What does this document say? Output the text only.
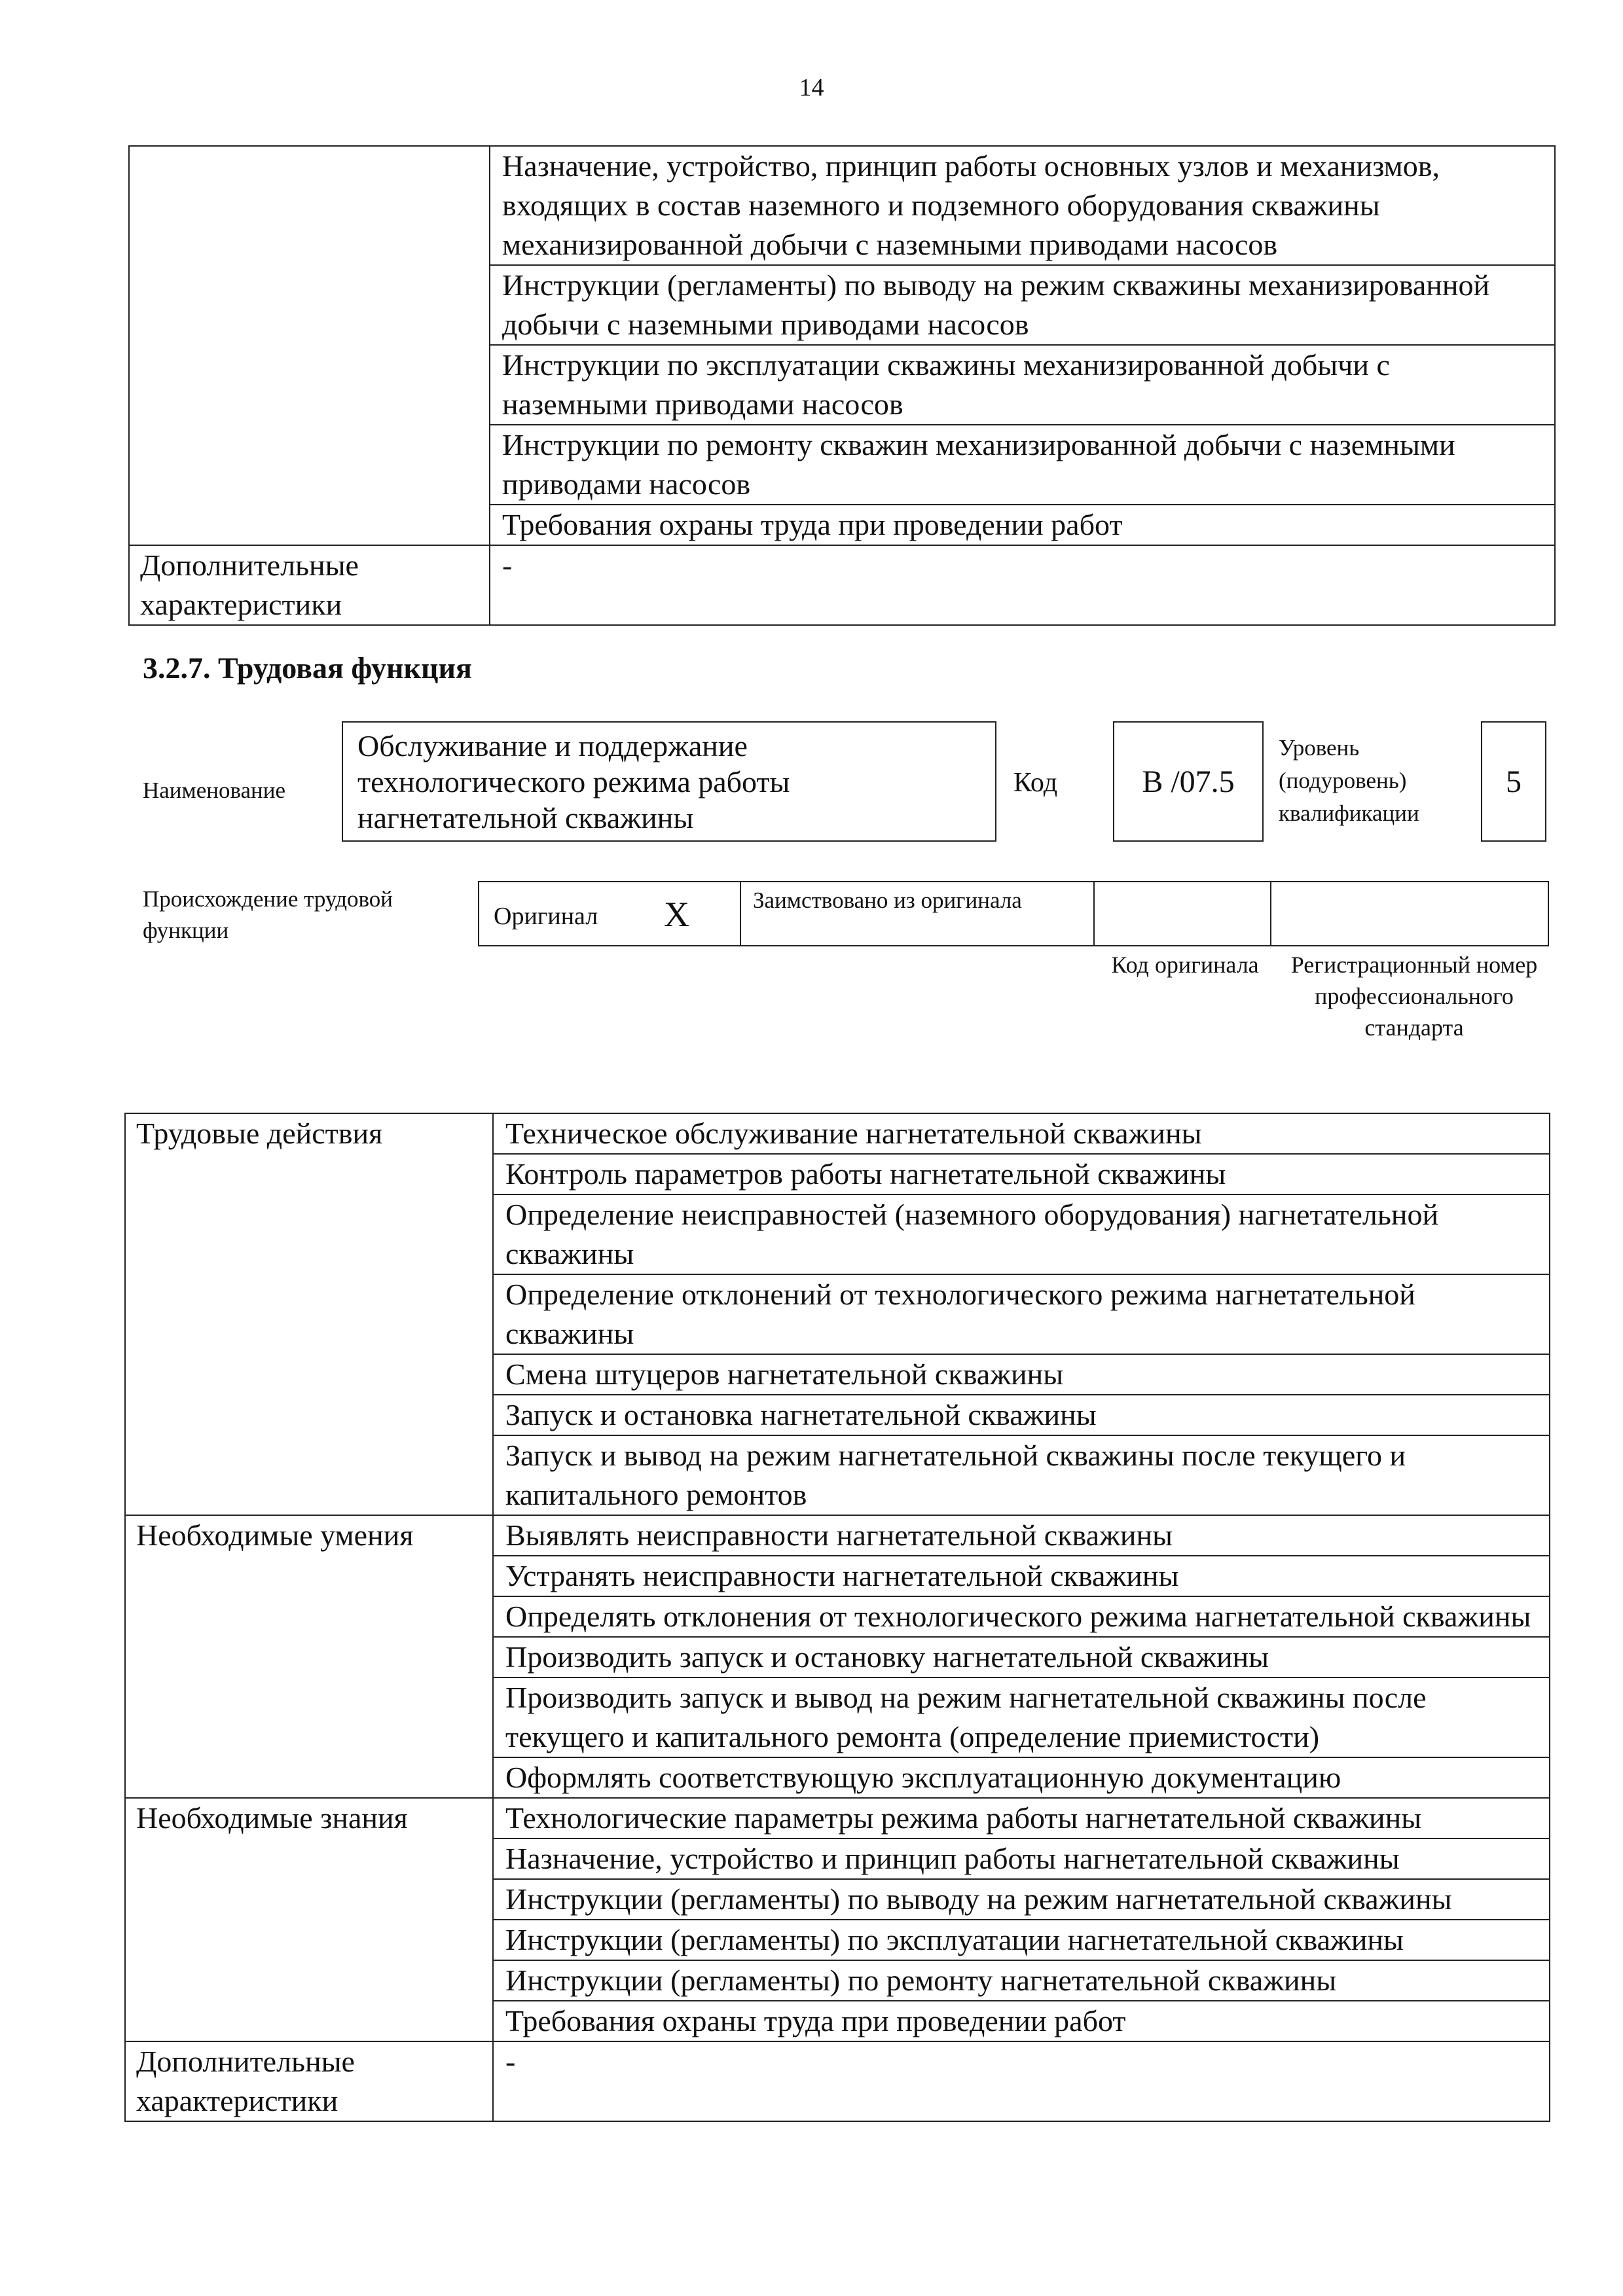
14
	Назначение, устройство, принцип работы основных узлов и механизмов, входящих в состав наземного и подземного оборудования скважины механизированной добычи с наземными приводами насосов
	Инструкции (регламенты) по выводу на режим скважины механизированной добычи с наземными приводами насосов
	Инструкции по эксплуатации скважины механизированной добычи с наземными приводами насосов
	Инструкции по ремонту скважин механизированной добычи с наземными приводами насосов
	Требования охраны труда при проведении работ
Дополнительные характеристики	-
3.2.7. Трудовая функция
Наименование
Обслуживание и поддержание технологического режима работы нагнетательной скважины
Код	В /07.5
Уровень (подуровень) квалификации
5
Происхождение трудовой функции
Оригинал X	Заимствовано из оригинала
Код оригинала	Регистрационный номер профессионального стандарта
Трудовые действия	Техническое обслуживание нагнетательной скважины
	Контроль параметров работы нагнетательной скважины
	Определение неисправностей (наземного оборудования) нагнетательной скважины
	Определение отклонений от технологического режима нагнетательной скважины
	Смена штуцеров нагнетательной скважины
	Запуск и остановка нагнетательной скважины
	Запуск и вывод на режим нагнетательной скважины после текущего и капитального ремонтов
Необходимые умения	Выявлять неисправности нагнетательной скважины
	Устранять неисправности нагнетательной скважины
	Определять отклонения от технологического режима нагнетательной скважины
	Производить запуск и остановку нагнетательной скважины
	Производить запуск и вывод на режим нагнетательной скважины после текущего и капитального ремонта (определение приемистости)
	Оформлять соответствующую эксплуатационную документацию
Необходимые знания	Технологические параметры режима работы нагнетательной скважины
	Назначение, устройство и принцип работы нагнетательной скважины
	Инструкции (регламенты) по выводу на режим нагнетательной скважины
	Инструкции (регламенты) по эксплуатации нагнетательной скважины
	Инструкции (регламенты) по ремонту нагнетательной скважины
	Требования охраны труда при проведении работ
Дополнительные характеристики	-
